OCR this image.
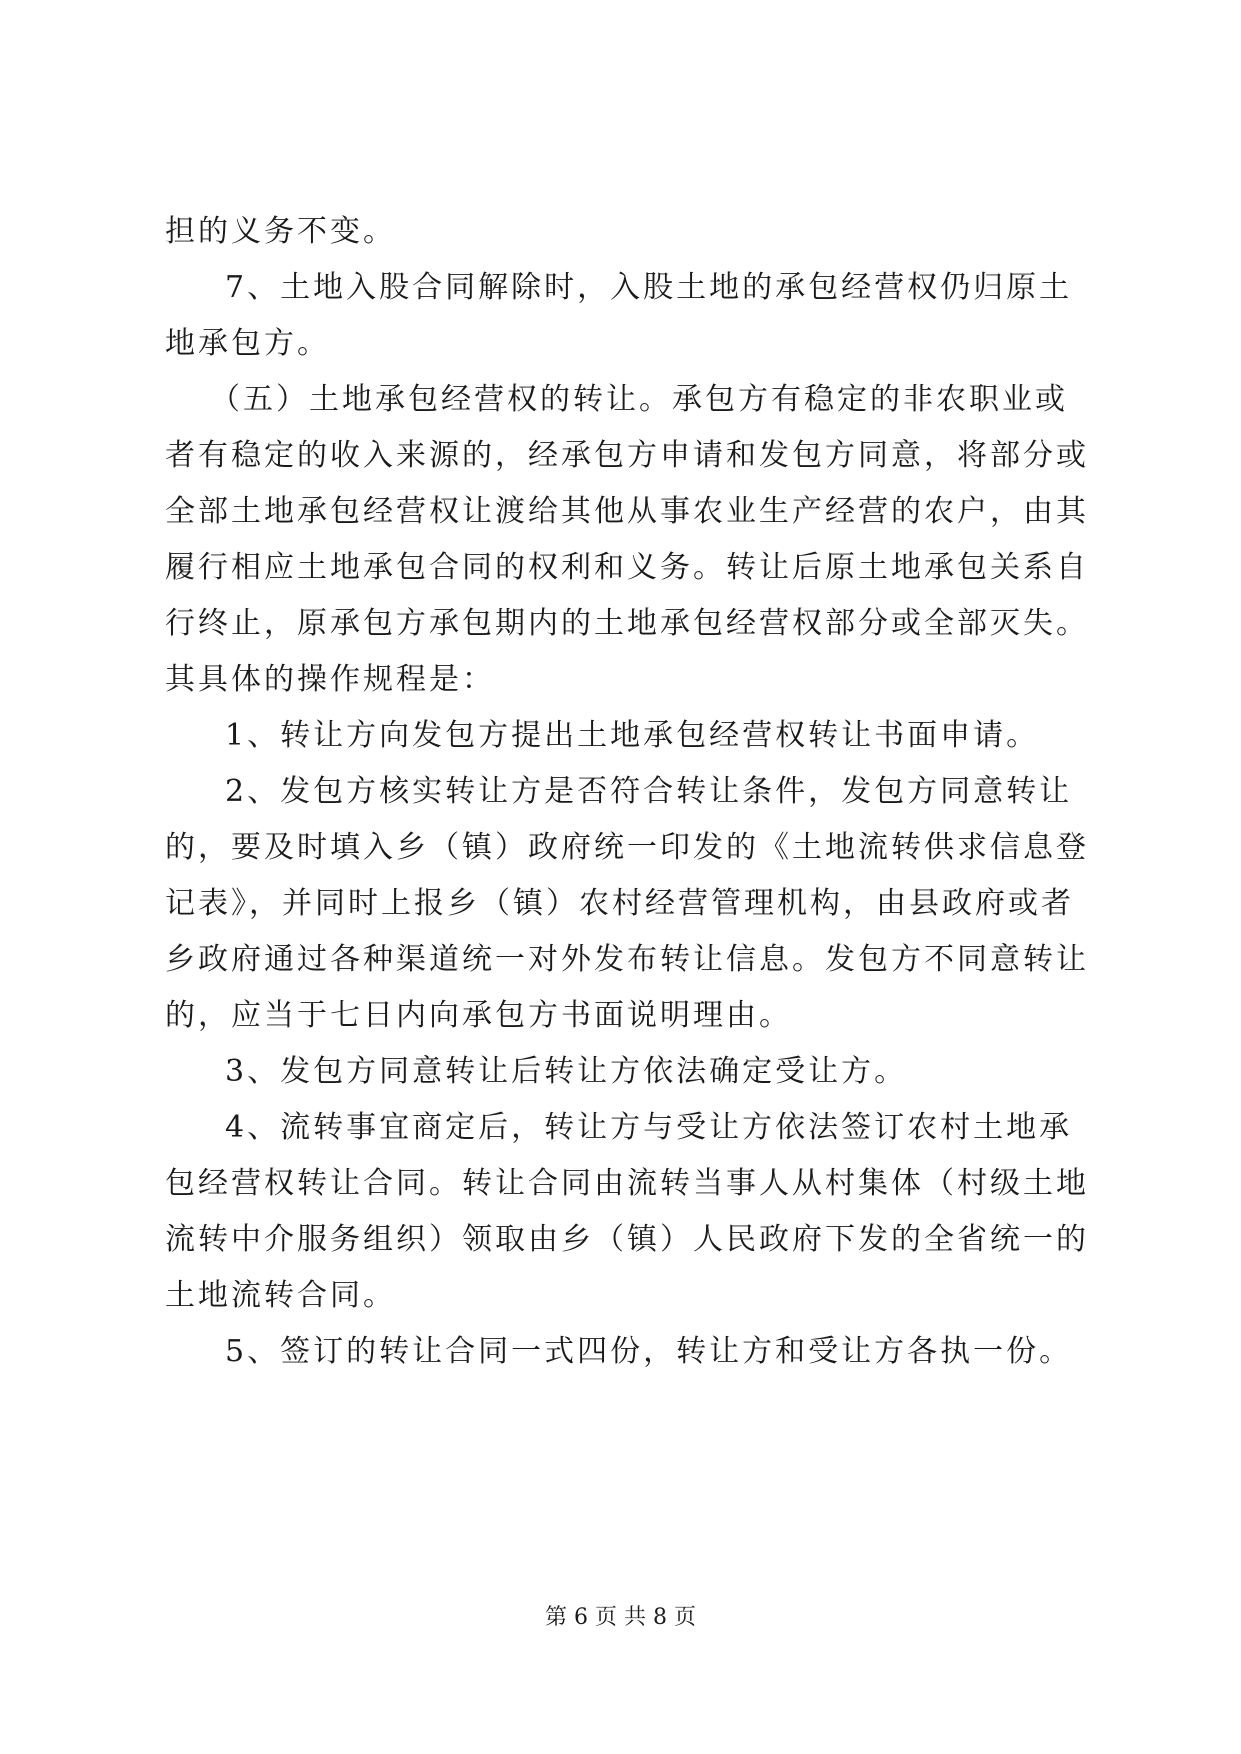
担的义务不变。
7、土地入股合同解除时，入股土地的承包经营权仍归原土
地承包方。
（五）土地承包经营权的转让。承包方有稳定的非农职业或
者有稳定的收入来源的，经承包方申请和发包方同意，将部分或
全部土地承包经营权让渡给其他从事农业生产经营的农户，由其
履行相应土地承包合同的权利和义务。转让后原土地承包关系自
行终止，原承包方承包期内的土地承包经营权部分或全部灭失。
其具体的操作规程是：
1、转让方向发包方提出土地承包经营权转让书面申请。
2、发包方核实转让方是否符合转让条件，发包方同意转让
的，要及时填入乡（镇）政府统一印发的《土地流转供求信息登
记表》，并同时上报乡（镇）农村经营管理机构，由县政府或者
乡政府通过各种渠道统一对外发布转让信息。发包方不同意转让
的，应当于七日内向承包方书面说明理由。
3、发包方同意转让后转让方依法确定受让方。
4、流转事宜商定后，转让方与受让方依法签订农村土地承
包经营权转让合同。转让合同由流转当事人从村集体（村级土地
流转中介服务组织）领取由乡（镇）人民政府下发的全省统一的
土地流转合同。
5、签订的转让合同一式四份，转让方和受让方各执一份。
第 6 页 共 8 页
